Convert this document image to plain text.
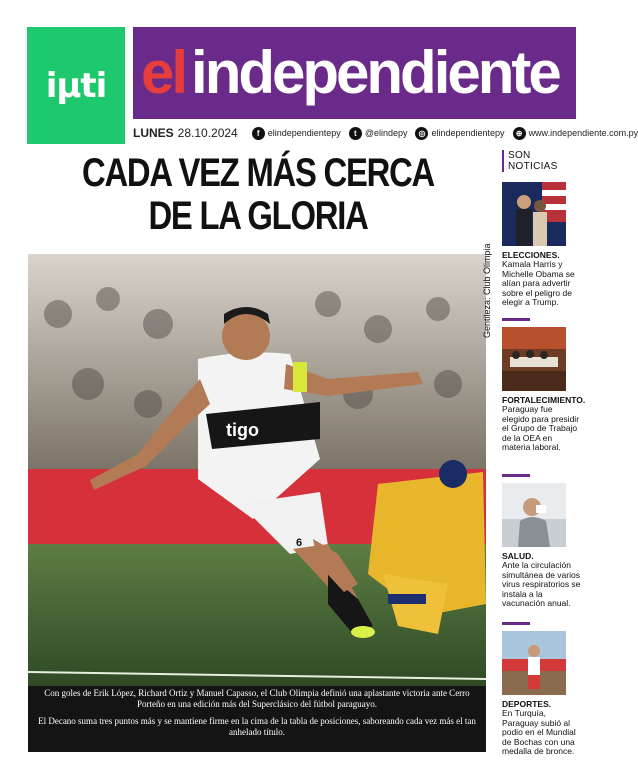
iµti el independiente
LUNES 28.10.2024	f elindependientepy	t @elindepy	◎ elindependientepy	⊕ www.independiente.com.py
CADA VEZ MÁS CERCA
DE LA GLORIA
tigo
6
Gentileza: Club Olimpia

Con goles de Erik López, Richard Ortiz y Manuel Capasso, el Club Olimpia definió una aplastante victoria ante Cerro Porteño en una edición más del Superclásico del fútbol paraguayo.

El Decano suma tres puntos más y se mantiene firme en la cima de la tabla de posiciones, saboreando cada vez más el tan anhelado título.

SON NOTICIAS
ELECCIONES.
Kamala Harris y Michelle Obama se alían para advertir sobre el peligro de elegir a Trump.
FORTALECIMIENTO.
Paraguay fue elegido para presidir el Grupo de Trabajo de la OEA en materia laboral.
SALUD.
Ante la circulación simultánea de varios virus respiratorios se instala a la vacunación anual.
DEPORTES.
En Turquía, Paraguay subió al podio en el Mundial de Bochas con una medalla de bronce.
